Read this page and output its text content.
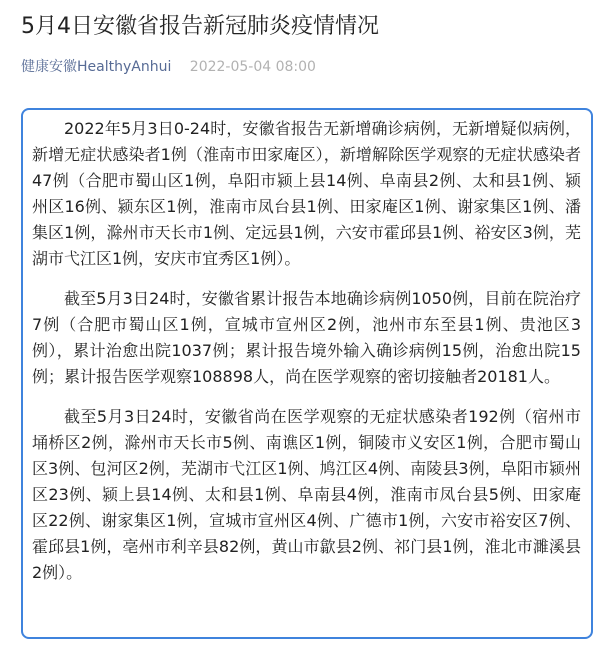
5月4日安徽省报告新冠肺炎疫情情况
健康安徽HealthyAnhui 2022-05-04 08:00

2022年5月3日0-24时，安徽省报告无新增确诊病例，无新增疑似病例，新增无症状感染者1例（淮南市田家庵区），新增解除医学观察的无症状感染者47例（合肥市蜀山区1例，阜阳市颍上县14例、阜南县2例、太和县1例、颍州区16例、颍东区1例，淮南市凤台县1例、田家庵区1例、谢家集区1例、潘集区1例，滁州市天长市1例、定远县1例，六安市霍邱县1例、裕安区3例，芜湖市弋江区1例，安庆市宜秀区1例）。

截至5月3日24时，安徽省累计报告本地确诊病例1050例，目前在院治疗7例（合肥市蜀山区1例，宣城市宣州区2例，池州市东至县1例、贵池区3例），累计治愈出院1037例；累计报告境外输入确诊病例15例，治愈出院15例；累计报告医学观察108898人，尚在医学观察的密切接触者20181人。

截至5月3日24时，安徽省尚在医学观察的无症状感染者192例（宿州市埇桥区2例，滁州市天长市5例、南谯区1例，铜陵市义安区1例，合肥市蜀山区3例、包河区2例，芜湖市弋江区1例、鸠江区4例、南陵县3例，阜阳市颍州区23例、颍上县14例、太和县1例、阜南县4例，淮南市凤台县5例、田家庵区22例、谢家集区1例，宣城市宣州区4例、广德市1例，六安市裕安区7例、霍邱县1例，亳州市利辛县82例，黄山市歙县2例、祁门县1例，淮北市濉溪县2例）。
